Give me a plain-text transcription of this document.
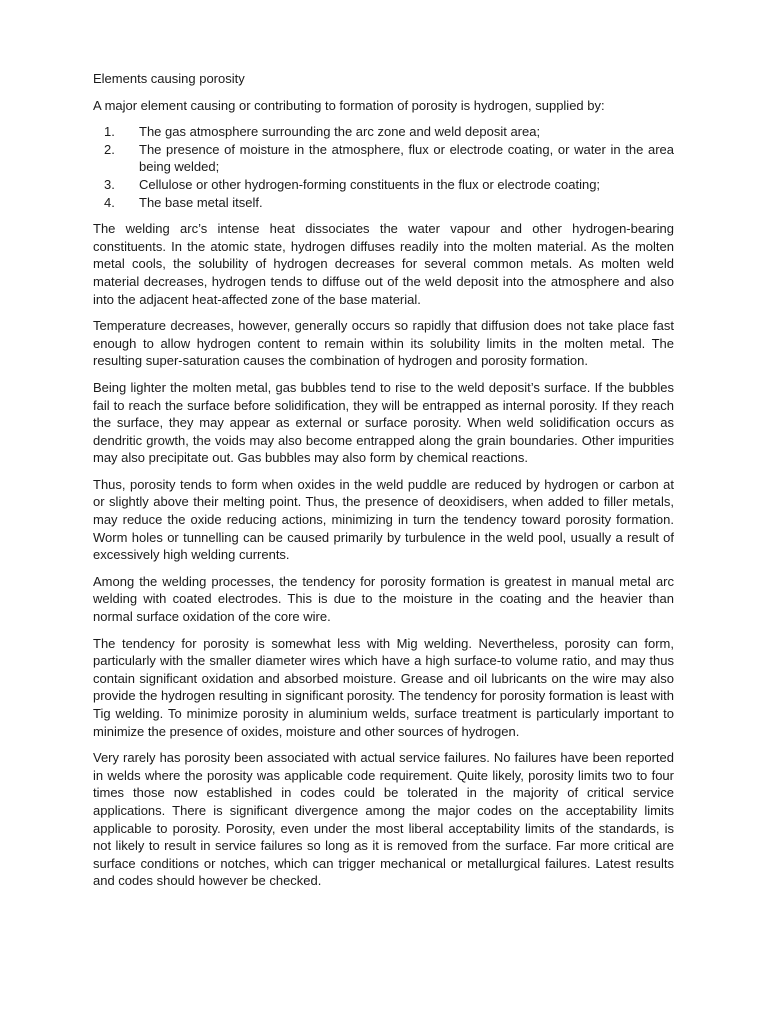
Elements causing porosity

A major element causing or contributing to formation of porosity is hydrogen, supplied by:

1. The gas atmosphere surrounding the arc zone and weld deposit area;
2. The presence of moisture in the atmosphere, flux or electrode coating, or water in the area being welded;
3. Cellulose or other hydrogen-forming constituents in the flux or electrode coating;
4. The base metal itself.

The welding arc’s intense heat dissociates the water vapour and other hydrogen-bearing constituents. In the atomic state, hydrogen diffuses readily into the molten material. As the molten metal cools, the solubility of hydrogen decreases for several common metals. As molten weld material decreases, hydrogen tends to diffuse out of the weld deposit into the atmosphere and also into the adjacent heat-affected zone of the base material.

Temperature decreases, however, generally occurs so rapidly that diffusion does not take place fast enough to allow hydrogen content to remain within its solubility limits in the molten metal. The resulting super-saturation causes the combination of hydrogen and porosity formation.

Being lighter the molten metal, gas bubbles tend to rise to the weld deposit’s surface. If the bubbles fail to reach the surface before solidification, they will be entrapped as internal porosity. If they reach the surface, they may appear as external or surface porosity. When weld solidification occurs as dendritic growth, the voids may also become entrapped along the grain boundaries. Other impurities may also precipitate out. Gas bubbles may also form by chemical reactions.

Thus, porosity tends to form when oxides in the weld puddle are reduced by hydrogen or carbon at or slightly above their melting point. Thus, the presence of deoxidisers, when added to filler metals, may reduce the oxide reducing actions, minimizing in turn the tendency toward porosity formation. Worm holes or tunnelling can be caused primarily by turbulence in the weld pool, usually a result of excessively high welding currents.

Among the welding processes, the tendency for porosity formation is greatest in manual metal arc welding with coated electrodes. This is due to the moisture in the coating and the heavier than normal surface oxidation of the core wire.

The tendency for porosity is somewhat less with Mig welding. Nevertheless, porosity can form, particularly with the smaller diameter wires which have a high surface-to volume ratio, and may thus contain significant oxidation and absorbed moisture. Grease and oil lubricants on the wire may also provide the hydrogen resulting in significant porosity. The tendency for porosity formation is least with Tig welding. To minimize porosity in aluminium welds, surface treatment is particularly important to minimize the presence of oxides, moisture and other sources of hydrogen.

Very rarely has porosity been associated with actual service failures. No failures have been reported in welds where the porosity was applicable code requirement. Quite likely, porosity limits two to four times those now established in codes could be tolerated in the majority of critical service applications. There is significant divergence among the major codes on the acceptability limits applicable to porosity. Porosity, even under the most liberal acceptability limits of the standards, is not likely to result in service failures so long as it is removed from the surface. Far more critical are surface conditions or notches, which can trigger mechanical or metallurgical failures. Latest results and codes should however be checked.
